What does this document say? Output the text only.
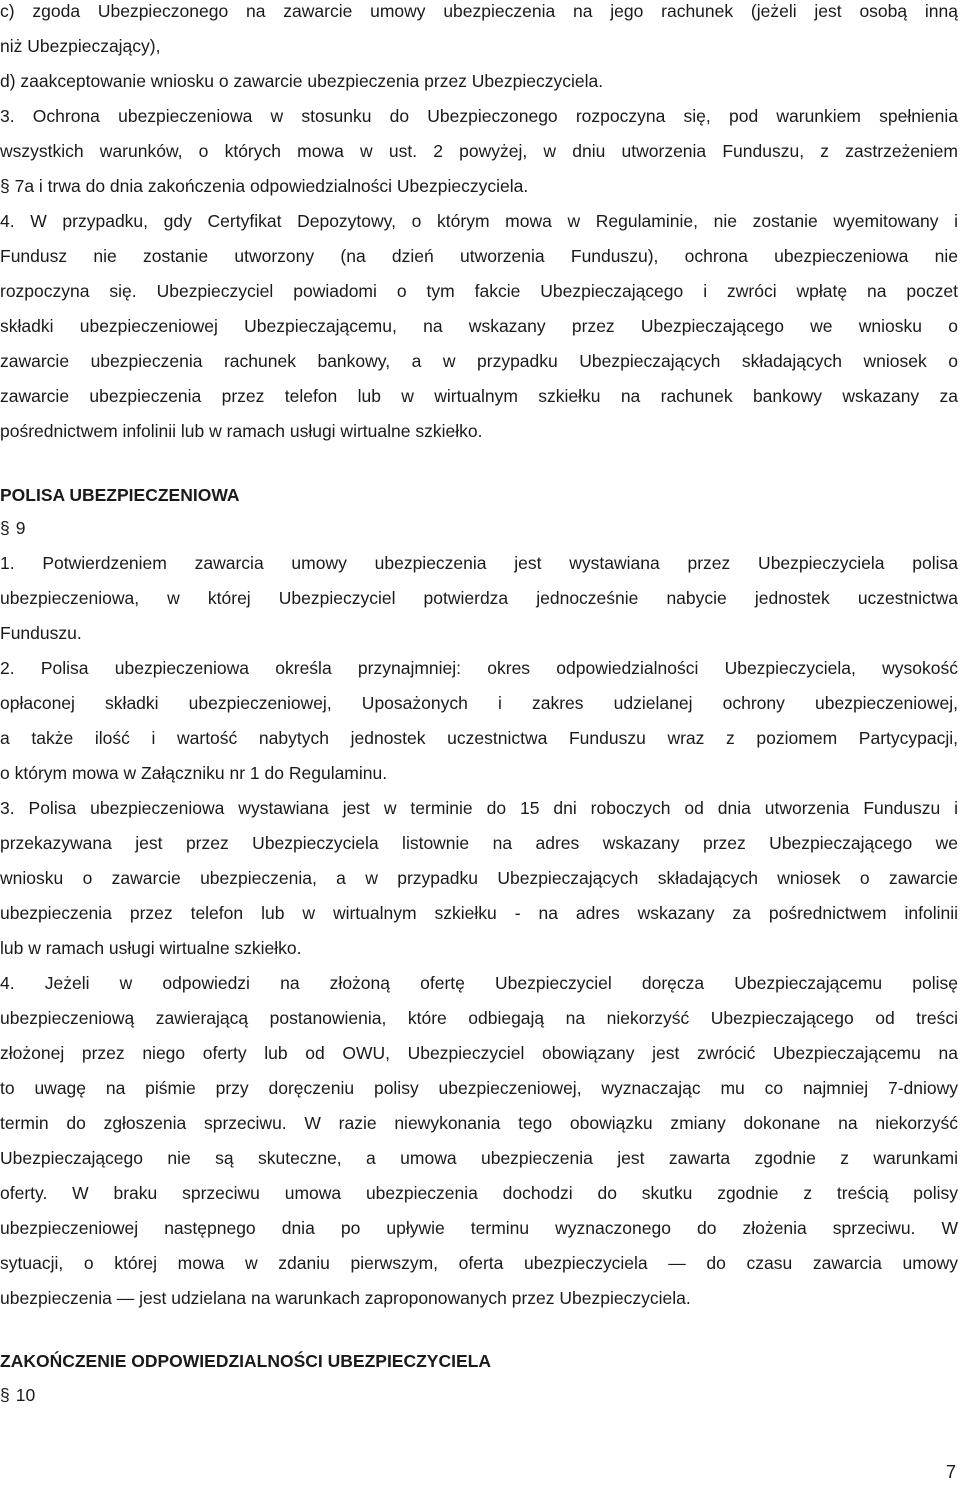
c) zgoda Ubezpieczonego na zawarcie umowy ubezpieczenia na jego rachunek (jeżeli jest osobą inną
niż Ubezpieczający),
d) zaakceptowanie wniosku o zawarcie ubezpieczenia przez Ubezpieczyciela.
3. Ochrona ubezpieczeniowa w stosunku do Ubezpieczonego rozpoczyna się, pod warunkiem spełnienia
wszystkich warunków, o których mowa w ust. 2 powyżej, w dniu utworzenia Funduszu, z zastrzeżeniem
§ 7a i trwa do dnia zakończenia odpowiedzialności Ubezpieczyciela.
4. W przypadku, gdy Certyfikat Depozytowy, o którym mowa w Regulaminie, nie zostanie wyemitowany i
Fundusz nie zostanie utworzony (na dzień utworzenia Funduszu), ochrona ubezpieczeniowa nie
rozpoczyna się. Ubezpieczyciel powiadomi o tym fakcie Ubezpieczającego i zwróci wpłatę na poczet
składki ubezpieczeniowej Ubezpieczającemu, na wskazany przez Ubezpieczającego we wniosku o
zawarcie ubezpieczenia rachunek bankowy, a w przypadku Ubezpieczających składających wniosek o
zawarcie ubezpieczenia przez telefon lub w wirtualnym szkiełku na rachunek bankowy wskazany za
pośrednictwem infolinii lub w ramach usługi wirtualne szkiełko.
POLISA UBEZPIECZENIOWA
§ 9
1. Potwierdzeniem zawarcia umowy ubezpieczenia jest wystawiana przez Ubezpieczyciela polisa
ubezpieczeniowa, w której Ubezpieczyciel potwierdza jednocześnie nabycie jednostek uczestnictwa
Funduszu.
2. Polisa ubezpieczeniowa określa przynajmniej: okres odpowiedzialności Ubezpieczyciela, wysokość
opłaconej składki ubezpieczeniowej, Uposażonych i zakres udzielanej ochrony ubezpieczeniowej,
a także ilość i wartość nabytych jednostek uczestnictwa Funduszu wraz z poziomem Partycypacji,
o którym mowa w Załączniku nr 1 do Regulaminu.
3. Polisa ubezpieczeniowa wystawiana jest w terminie do 15 dni roboczych od dnia utworzenia Funduszu i
przekazywana jest przez Ubezpieczyciela listownie na adres wskazany przez Ubezpieczającego we
wniosku o zawarcie ubezpieczenia, a w przypadku Ubezpieczających składających wniosek o zawarcie
ubezpieczenia przez telefon lub w wirtualnym szkiełku - na adres wskazany za pośrednictwem infolinii
lub w ramach usługi wirtualne szkiełko.
4. Jeżeli w odpowiedzi na złożoną ofertę Ubezpieczyciel doręcza Ubezpieczającemu polisę
ubezpieczeniową zawierającą postanowienia, które odbiegają na niekorzyść Ubezpieczającego od treści
złożonej przez niego oferty lub od OWU, Ubezpieczyciel obowiązany jest zwrócić Ubezpieczającemu na
to uwagę na piśmie przy doręczeniu polisy ubezpieczeniowej, wyznaczając mu co najmniej 7-dniowy
termin do zgłoszenia sprzeciwu. W razie niewykonania tego obowiązku zmiany dokonane na niekorzyść
Ubezpieczającego nie są skuteczne, a umowa ubezpieczenia jest zawarta zgodnie z warunkami
oferty. W braku sprzeciwu umowa ubezpieczenia dochodzi do skutku zgodnie z treścią polisy
ubezpieczeniowej następnego dnia po upływie terminu wyznaczonego do złożenia sprzeciwu. W
sytuacji, o której mowa w zdaniu pierwszym, oferta ubezpieczyciela — do czasu zawarcia umowy
ubezpieczenia — jest udzielana na warunkach zaproponowanych przez Ubezpieczyciela.
ZAKOŃCZENIE ODPOWIEDZIALNOŚCI UBEZPIECZYCIELA
§ 10
7
